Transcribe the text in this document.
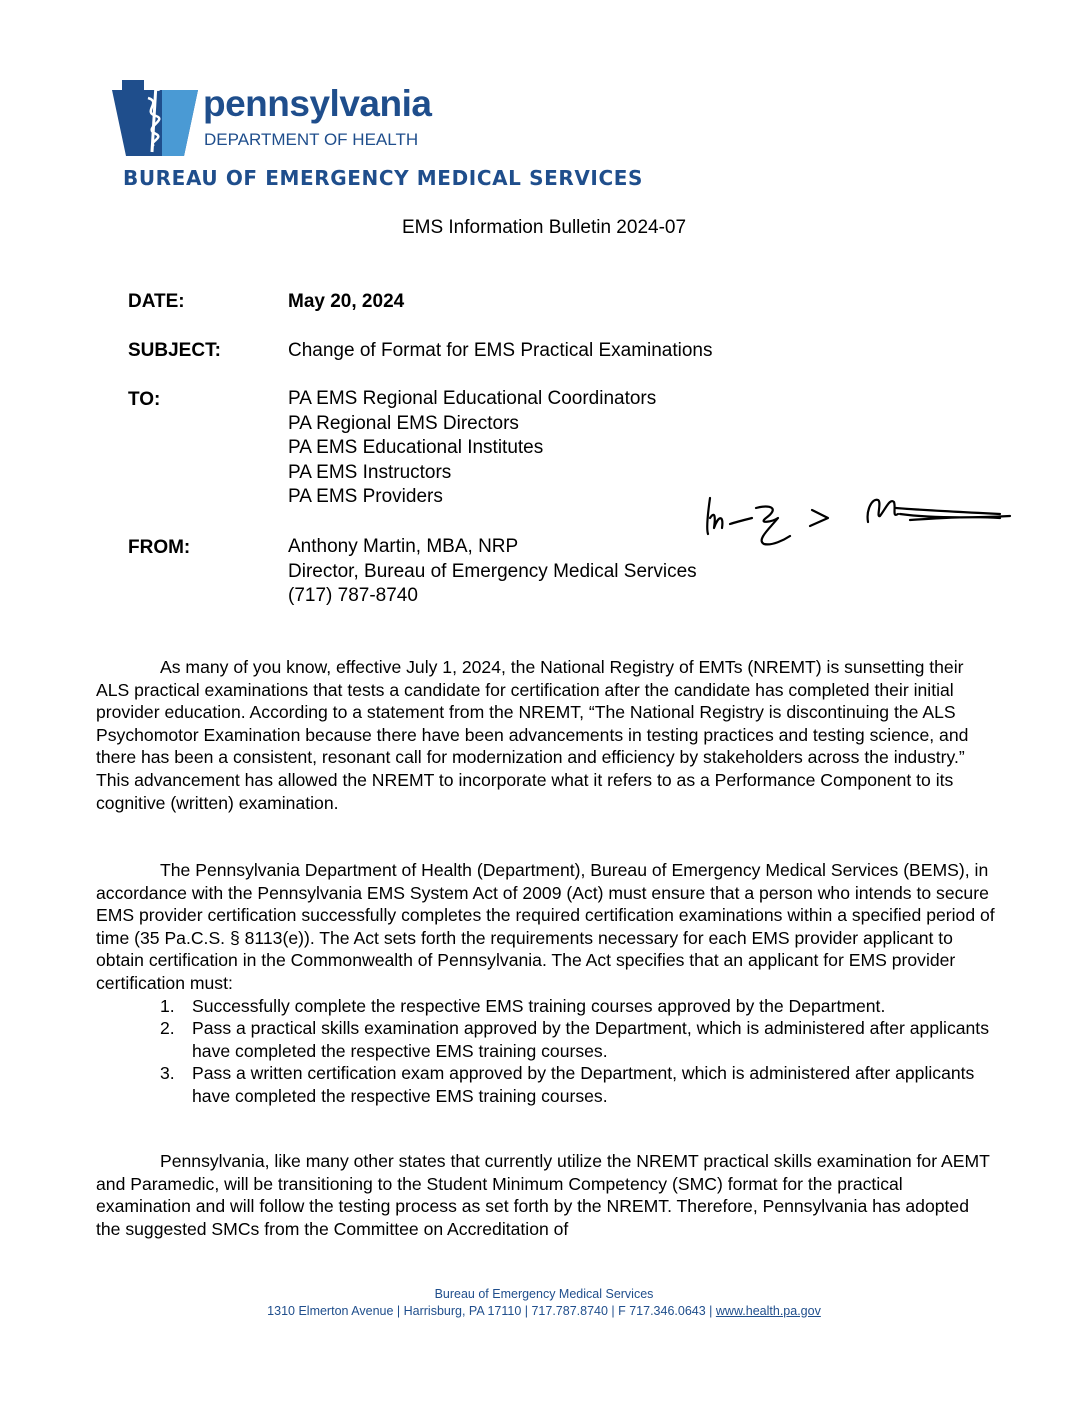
pennsylvania
DEPARTMENT OF HEALTH
BUREAU OF EMERGENCY MEDICAL SERVICES
EMS Information Bulletin 2024-07
DATE:	May 20, 2024
SUBJECT:	Change of Format for EMS Practical Examinations
TO:	PA EMS Regional Educational Coordinators
PA Regional EMS Directors
PA EMS Educational Institutes
PA EMS Instructors
PA EMS Providers
FROM:	Anthony Martin, MBA, NRP
Director, Bureau of Emergency Medical Services
(717) 787-8740

As many of you know, effective July 1, 2024, the National Registry of EMTs (NREMT) is sunsetting their ALS practical examinations that tests a candidate for certification after the candidate has completed their initial provider education. According to a statement from the NREMT, “The National Registry is discontinuing the ALS Psychomotor Examination because there have been advancements in testing practices and testing science, and there has been a consistent, resonant call for modernization and efficiency by stakeholders across the industry.” This advancement has allowed the NREMT to incorporate what it refers to as a Performance Component to its cognitive (written) examination.

The Pennsylvania Department of Health (Department), Bureau of Emergency Medical Services (BEMS), in accordance with the Pennsylvania EMS System Act of 2009 (Act) must ensure that a person who intends to secure EMS provider certification successfully completes the required certification examinations within a specified period of time (35 Pa.C.S. § 8113(e)). The Act sets forth the requirements necessary for each EMS provider applicant to obtain certification in the Commonwealth of Pennsylvania. The Act specifies that an applicant for EMS provider certification must:

1. Successfully complete the respective EMS training courses approved by the Department.
2. Pass a practical skills examination approved by the Department, which is administered after applicants have completed the respective EMS training courses.
3. Pass a written certification exam approved by the Department, which is administered after applicants have completed the respective EMS training courses.

Pennsylvania, like many other states that currently utilize the NREMT practical skills examination for AEMT and Paramedic, will be transitioning to the Student Minimum Competency (SMC) format for the practical examination and will follow the testing process as set forth by the NREMT. Therefore, Pennsylvania has adopted the suggested SMCs from the Committee on Accreditation of

Bureau of Emergency Medical Services
1310 Elmerton Avenue | Harrisburg, PA 17110 | 717.787.8740 | F 717.346.0643 | www.health.pa.gov
